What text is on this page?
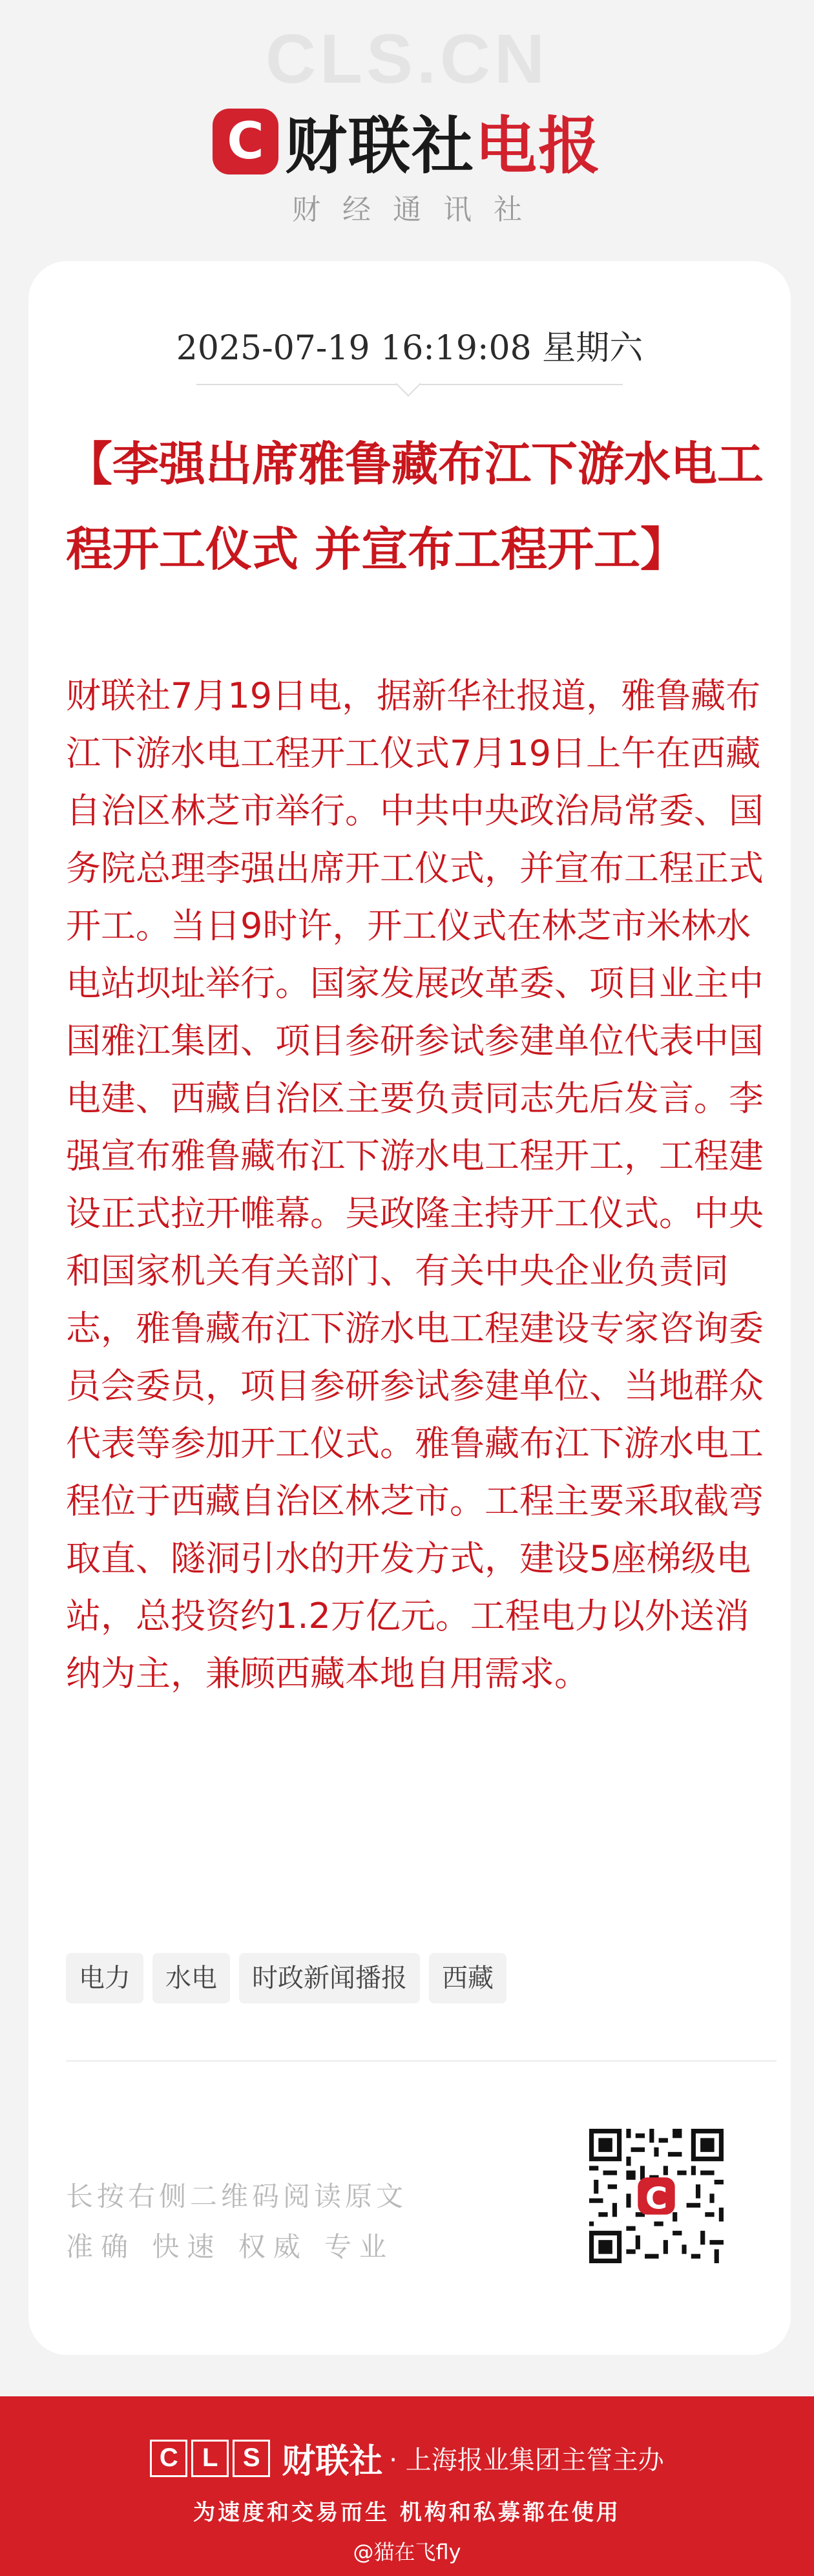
CLS.CN
C 财联社电报
财经通讯社
2025-07-19 16:19:08 星期六
【李强出席雅鲁藏布江下游水电工程开工仪式 并宣布工程开工】
财联社7月19日电，据新华社报道，雅鲁藏布江下游水电工程开工仪式7月19日上午在西藏自治区林芝市举行。中共中央政治局常委、国务院总理李强出席开工仪式，并宣布工程正式开工。当日9时许，开工仪式在林芝市米林水电站坝址举行。国家发展改革委、项目业主中国雅江集团、项目参研参试参建单位代表中国电建、西藏自治区主要负责同志先后发言。李强宣布雅鲁藏布江下游水电工程开工，工程建设正式拉开帷幕。吴政隆主持开工仪式。中央和国家机关有关部门、有关中央企业负责同志，雅鲁藏布江下游水电工程建设专家咨询委员会委员，项目参研参试参建单位、当地群众代表等参加开工仪式。雅鲁藏布江下游水电工程位于西藏自治区林芝市。工程主要采取截弯取直、隧洞引水的开发方式，建设5座梯级电站，总投资约1.2万亿元。工程电力以外送消纳为主，兼顾西藏本地自用需求。
电力	水电	时政新闻播报	西藏
长按右侧二维码阅读原文
准确 快速 权威 专业
C
C L S 财联社 · 上海报业集团主管主办
为速度和交易而生 机构和私募都在使用
@猫在飞fly
